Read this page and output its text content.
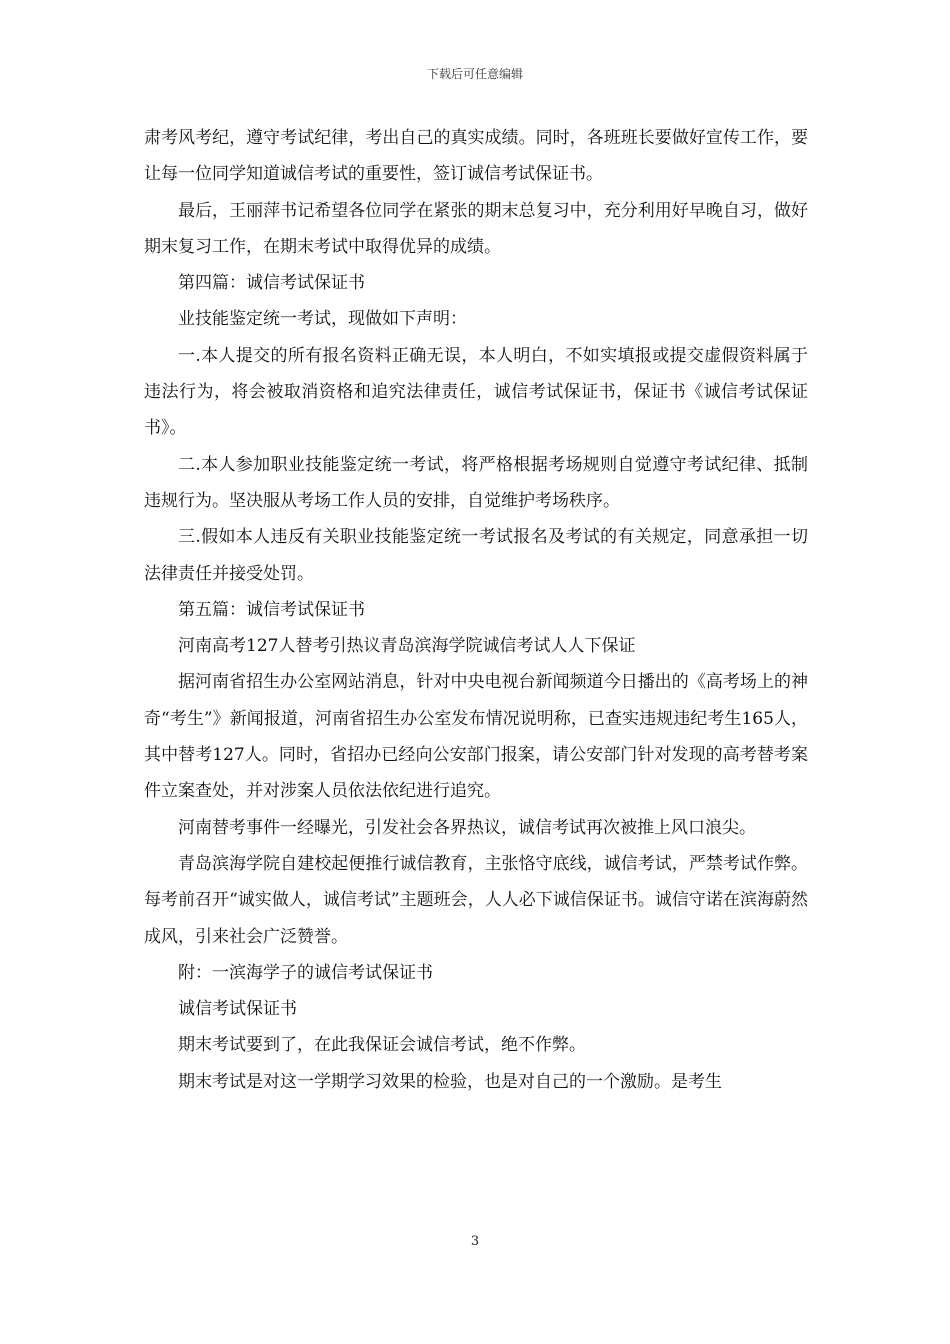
下载后可任意编辑

肃考风考纪，遵守考试纪律，考出自己的真实成绩。同时，各班班长要做好宣传工作，要让每一位同学知道诚信考试的重要性，签订诚信考试保证书。

最后，王丽萍书记希望各位同学在紧张的期末总复习中，充分利用好早晚自习，做好期末复习工作，在期末考试中取得优异的成绩。

第四篇：诚信考试保证书

业技能鉴定统一考试，现做如下声明：

一.本人提交的所有报名资料正确无误，本人明白，不如实填报或提交虚假资料属于违法行为，将会被取消资格和追究法律责任，诚信考试保证书，保证书《诚信考试保证书》。

二.本人参加职业技能鉴定统一考试，将严格根据考场规则自觉遵守考试纪律、抵制违规行为。坚决服从考场工作人员的安排，自觉维护考场秩序。

三.假如本人违反有关职业技能鉴定统一考试报名及考试的有关规定，同意承担一切法律责任并接受处罚。

第五篇：诚信考试保证书

河南高考127人替考引热议青岛滨海学院诚信考试人人下保证

据河南省招生办公室网站消息，针对中央电视台新闻频道今日播出的《高考场上的神奇“考生”》新闻报道，河南省招生办公室发布情况说明称，已查实违规违纪考生165人，其中替考127人。同时，省招办已经向公安部门报案，请公安部门针对发现的高考替考案件立案查处，并对涉案人员依法依纪进行追究。

河南替考事件一经曝光，引发社会各界热议，诚信考试再次被推上风口浪尖。

青岛滨海学院自建校起便推行诚信教育，主张恪守底线，诚信考试，严禁考试作弊。每考前召开“诚实做人，诚信考试”主题班会，人人必下诚信保证书。诚信守诺在滨海蔚然成风，引来社会广泛赞誉。

附：一滨海学子的诚信考试保证书

诚信考试保证书

期末考试要到了，在此我保证会诚信考试，绝不作弊。

期末考试是对这一学期学习效果的检验，也是对自己的一个激励。是考生

3
